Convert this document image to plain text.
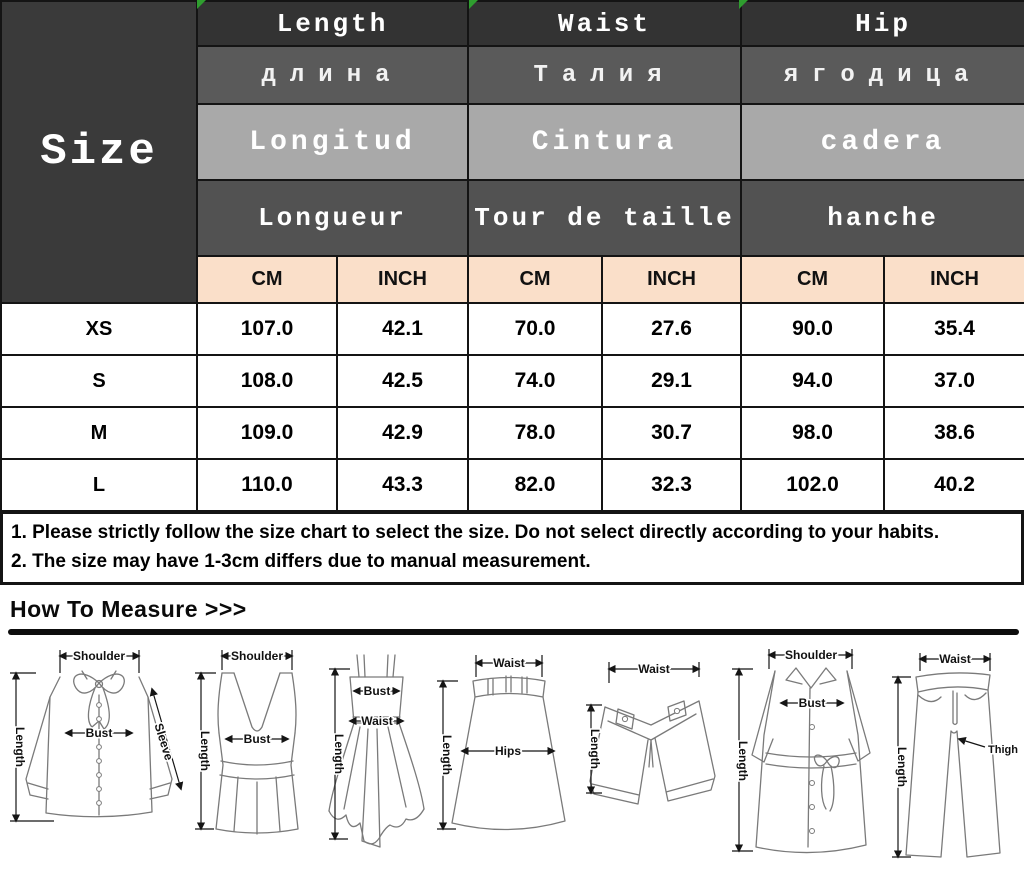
Size	Length		Waist		Hip	
	длина		Талия		ягодица	
	Longitud		Cintura		cadera	
	Longueur		Tour de taille		hanche	
	CM	INCH	CM	INCH	CM	INCH
XS	107.0	42.1	70.0	27.6	90.0	35.4
S	108.0	42.5	74.0	29.1	94.0	37.0
M	109.0	42.9	78.0	30.7	98.0	38.6
L	110.0	43.3	82.0	32.3	102.0	40.2

1. Please strictly follow the size chart to select the size. Do not select directly according to your habits.

2. The size may have 1-3cm differs due to manual measurement.

How To Measure >>>
Shoulder
Length	Bust	Sleeve
Shoulder
Length	Bust	Length
Bust
Waist
Waist
Hips
Length
Waist
Length
Shoulder
Length
Bust
Waist
Length	Thigh
